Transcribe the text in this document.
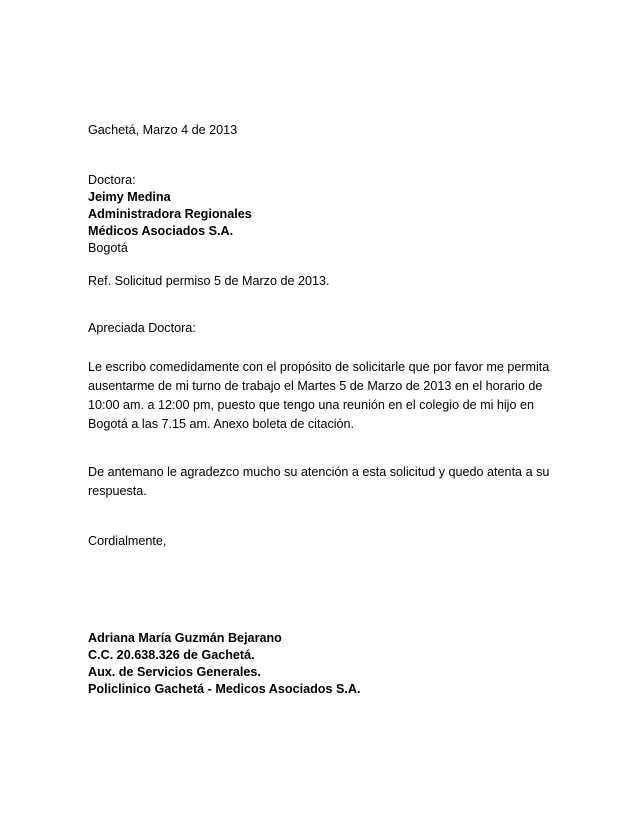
Gachetá, Marzo 4 de 2013

Doctora:

Jeimy Medina

Administradora Regionales

Médicos Asociados S.A.

Bogotá

Ref. Solicitud permiso 5 de Marzo de 2013.

Apreciada Doctora:

Le escribo comedidamente con el propósito de solicitarle que por favor me permita
ausentarme de mi turno de trabajo el Martes 5 de Marzo de 2013 en el horario de
10:00 am. a 12:00 pm, puesto que tengo una reunión en el colegio de mi hijo en
Bogotá a las 7.15 am. Anexo boleta de citación.
De antemano le agradezco mucho su atención a esta solicitud y quedo atenta a su
respuesta.

Cordialmente,

Adriana María Guzmán Bejarano

C.C. 20.638.326 de Gachetá.

Aux. de Servicios Generales.

Policlinico Gachetá - Medicos Asociados S.A.
